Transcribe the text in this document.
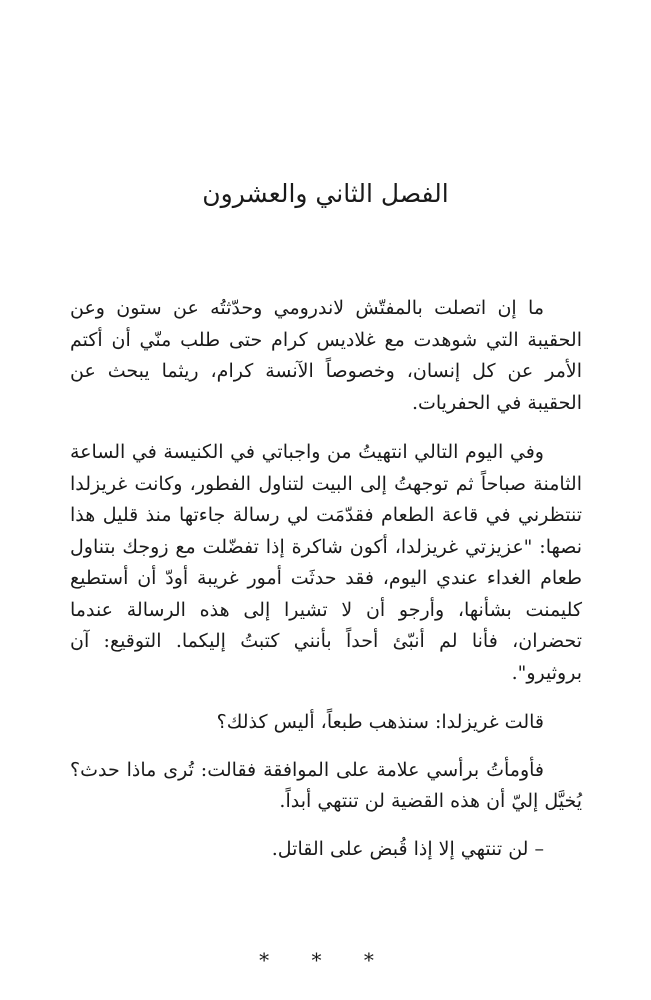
الفصل الثاني والعشرون

ما إن اتصلت بالمفتّش لاندرومي وحدّثتُه عن ستون وعن الحقيبة التي شوهدت مع غلاديس كرام حتى طلب منّي أن أكتم الأمر عن كل إنسان، وخصوصاً الآنسة كرام، ريثما يبحث عن الحقيبة في الحفريات.

وفي اليوم التالي انتهيتُ من واجباتي في الكنيسة في الساعة الثامنة صباحاً ثم توجهتُ إلى البيت لتناول الفطور، وكانت غريزلدا تنتظرني في قاعة الطعام فقدّمَت لي رسالة جاءتها منذ قليل هذا نصها: "عزيزتي غريزلدا، أكون شاكرة إذا تفضّلت مع زوجك بتناول طعام الغداء عندي اليوم، فقد حدثَت أمور غريبة أودّ أن أستطيع كليمنت بشأنها، وأرجو أن لا تشيرا إلى هذه الرسالة عندما تحضران، فأنا لم أنبّئ أحداً بأنني كتبتُ إليكما. التوقيع: آن بروثيرو".

قالت غريزلدا: سنذهب طبعاً، أليس كذلك؟

فأومأتُ برأسي علامة على الموافقة فقالت: تُرى ماذا حدث؟ يُخيَّل إليّ أن هذه القضية لن تنتهي أبداً.

– لن تنتهي إلا إذا قُبض على القاتل.

* * *
